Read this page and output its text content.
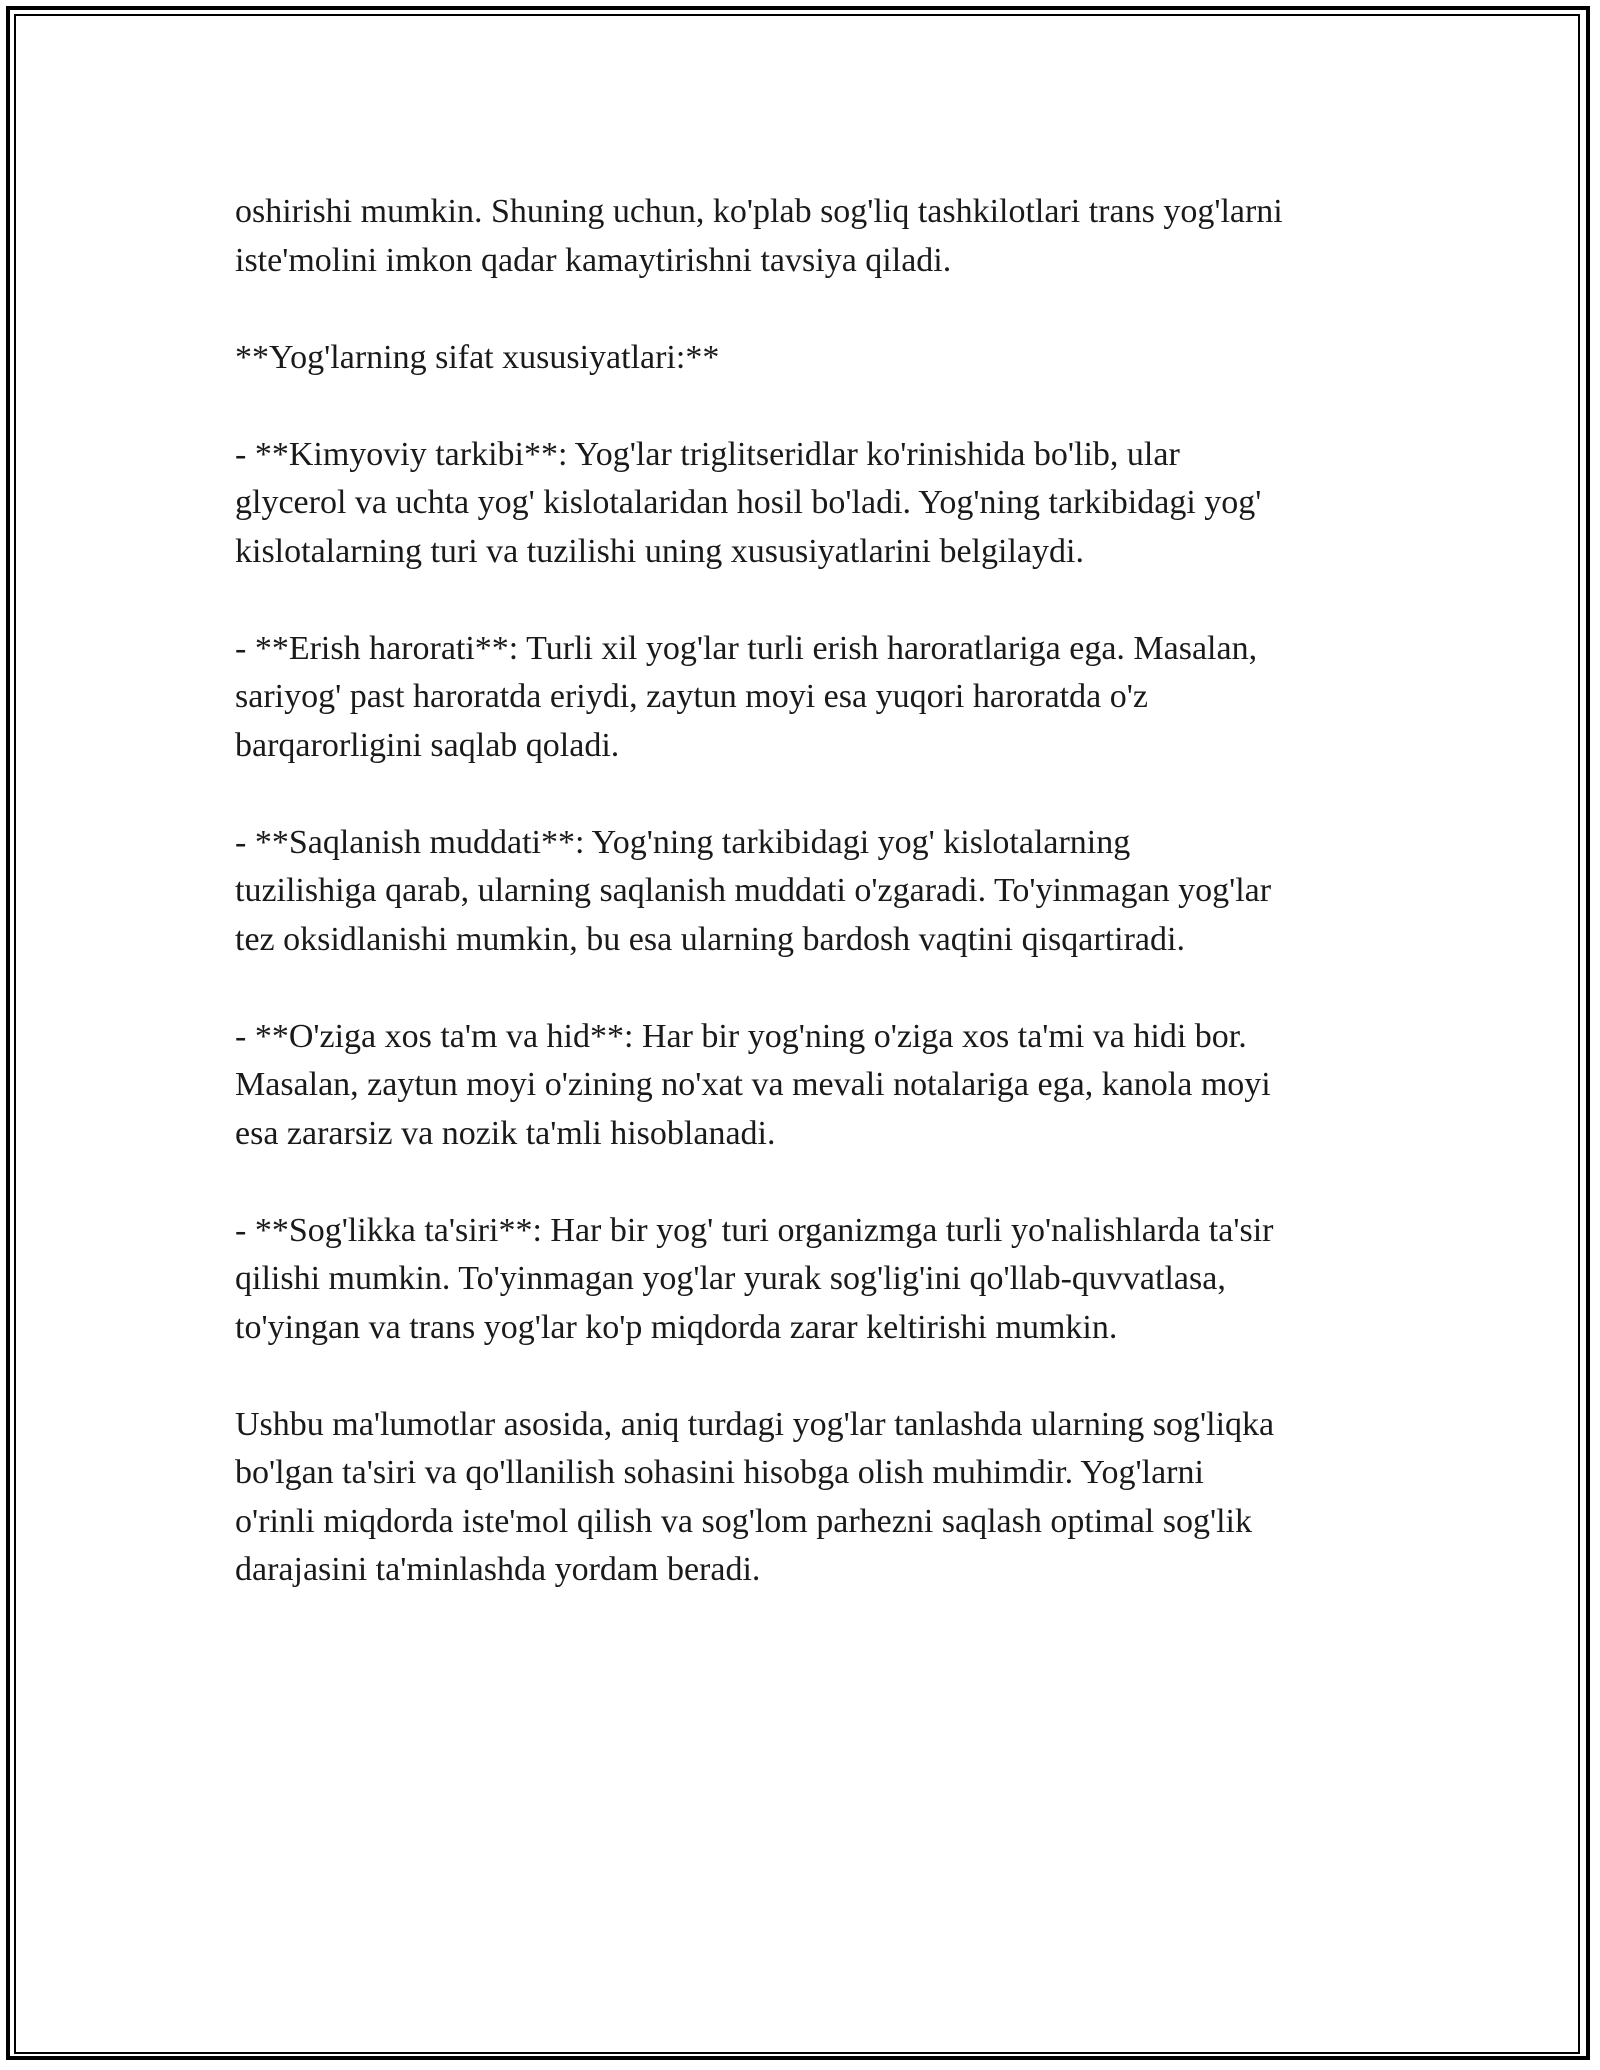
oshirishi mumkin. Shuning uchun, ko'plab sog'liq tashkilotlari trans yog'larni
iste'molini imkon qadar kamaytirishni tavsiya qiladi.

**Yog'larning sifat xususiyatlari:**

- **Kimyoviy tarkibi**: Yog'lar triglitseridlar ko'rinishida bo'lib, ular
glycerol va uchta yog' kislotalaridan hosil bo'ladi. Yog'ning tarkibidagi yog'
kislotalarning turi va tuzilishi uning xususiyatlarini belgilaydi.

- **Erish harorati**: Turli xil yog'lar turli erish haroratlariga ega. Masalan,
sariyog' past haroratda eriydi, zaytun moyi esa yuqori haroratda o'z
barqarorligini saqlab qoladi.

- **Saqlanish muddati**: Yog'ning tarkibidagi yog' kislotalarning
tuzilishiga qarab, ularning saqlanish muddati o'zgaradi. To'yinmagan yog'lar
tez oksidlanishi mumkin, bu esa ularning bardosh vaqtini qisqartiradi.

- **O'ziga xos ta'm va hid**: Har bir yog'ning o'ziga xos ta'mi va hidi bor.
Masalan, zaytun moyi o'zining no'xat va mevali notalariga ega, kanola moyi
esa zararsiz va nozik ta'mli hisoblanadi.

- **Sog'likka ta'siri**: Har bir yog' turi organizmga turli yo'nalishlarda ta'sir
qilishi mumkin. To'yinmagan yog'lar yurak sog'lig'ini qo'llab-quvvatlasa,
to'yingan va trans yog'lar ko'p miqdorda zarar keltirishi mumkin.

Ushbu ma'lumotlar asosida, aniq turdagi yog'lar tanlashda ularning sog'liqka
bo'lgan ta'siri va qo'llanilish sohasini hisobga olish muhimdir. Yog'larni
o'rinli miqdorda iste'mol qilish va sog'lom parhezni saqlash optimal sog'lik
darajasini ta'minlashda yordam beradi.
